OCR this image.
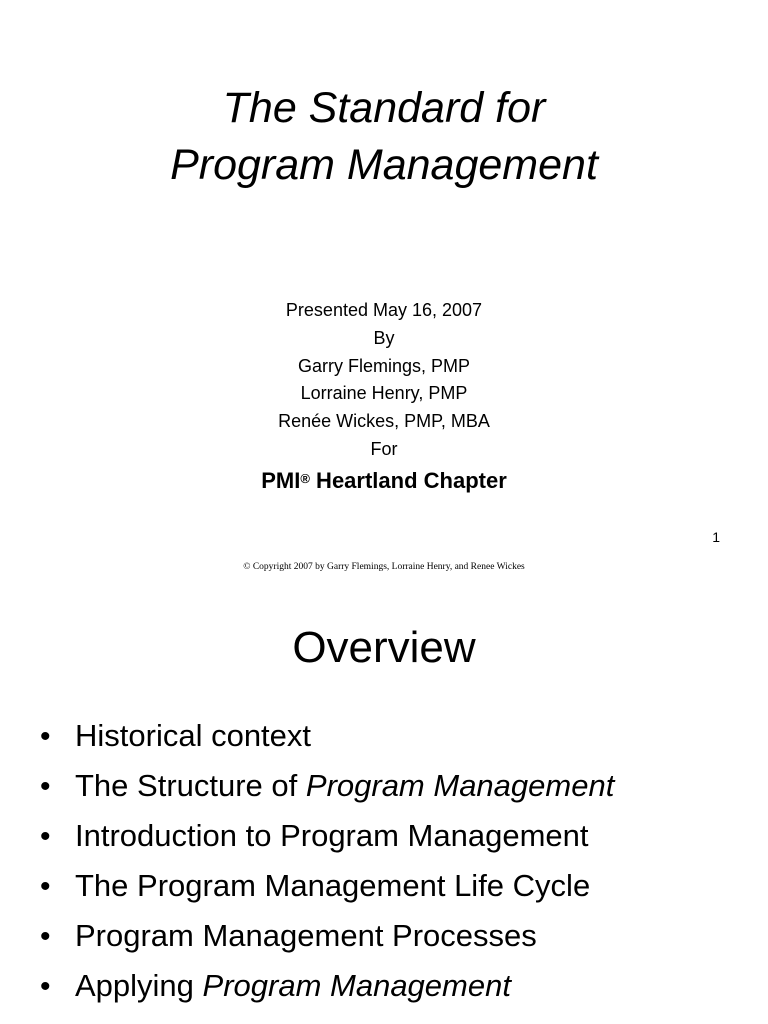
The Standard for
Program Management
Presented May 16, 2007
By
Garry Flemings, PMP
Lorraine Henry, PMP
Renée Wickes, PMP, MBA
For
PMI® Heartland Chapter
1
© Copyright 2007 by Garry Flemings, Lorraine Henry, and Renee Wickes
Overview
• Historical context
• The Structure of Program Management
• Introduction to Program Management
• The Program Management Life Cycle
• Program Management Processes
• Applying Program Management
